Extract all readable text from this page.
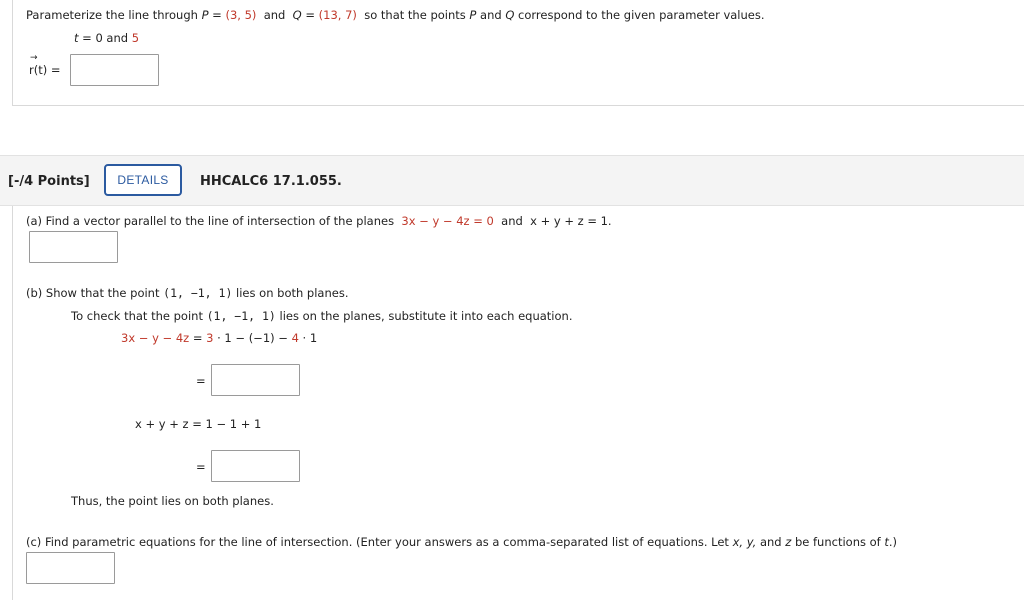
Parameterize the line through P = (3, 5) and Q = (13, 7) so that the points P and Q correspond to the given parameter values.
t = 0 and 5
→
r(t) =
[-/4 Points]	DETAILS	HHCALC6 17.1.055.
(a) Find a vector parallel to the line of intersection of the planes 3x − y − 4z = 0 and x + y + z = 1.
(b) Show that the point (1, −1, 1) lies on both planes.
To check that the point (1, −1, 1) lies on the planes, substitute it into each equation.
3x − y − 4z = 3 · 1 − (−1) − 4 · 1
=
x + y + z = 1 − 1 + 1
=
Thus, the point lies on both planes.
(c) Find parametric equations for the line of intersection. (Enter your answers as a comma-separated list of equations. Let x, y, and z be functions of t.)
